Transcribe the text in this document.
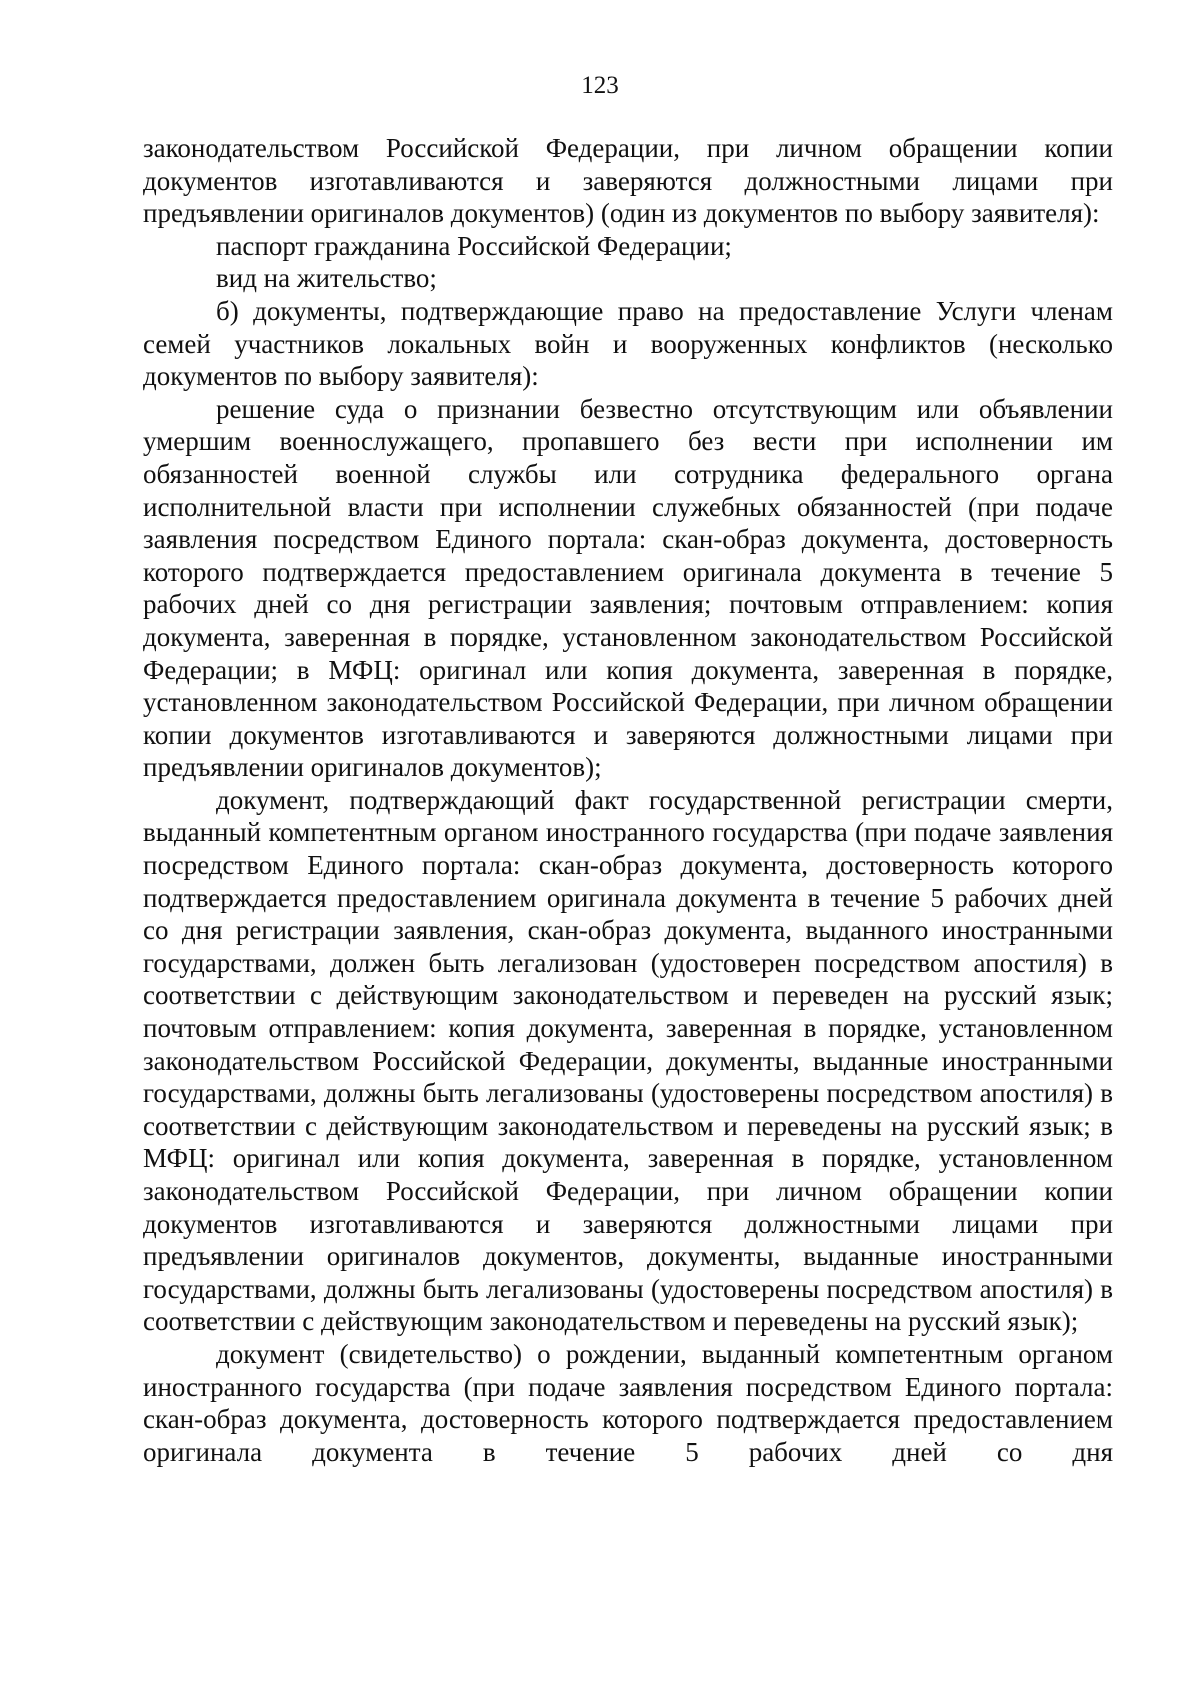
123

законодательством Российской Федерации, при личном обращении копии документов изготавливаются и заверяются должностными лицами при предъявлении оригиналов документов) (один из документов по выбору заявителя):

паспорт гражданина Российской Федерации;

вид на жительство;

б) документы, подтверждающие право на предоставление Услуги членам семей участников локальных войн и вооруженных конфликтов (несколько документов по выбору заявителя):

решение суда о признании безвестно отсутствующим или объявлении умершим военнослужащего, пропавшего без вести при исполнении им обязанностей военной службы или сотрудника федерального органа исполнительной власти при исполнении служебных обязанностей (при подаче заявления посредством Единого портала: скан-образ документа, достоверность которого подтверждается предоставлением оригинала документа в течение 5 рабочих дней со дня регистрации заявления; почтовым отправлением: копия документа, заверенная в порядке, установленном законодательством Российской Федерации; в МФЦ: оригинал или копия документа, заверенная в порядке, установленном законодательством Российской Федерации, при личном обращении копии документов изготавливаются и заверяются должностными лицами при предъявлении оригиналов документов);

документ, подтверждающий факт государственной регистрации смерти, выданный компетентным органом иностранного государства (при подаче заявления посредством Единого портала: скан-образ документа, достоверность которого подтверждается предоставлением оригинала документа в течение 5 рабочих дней со дня регистрации заявления, скан-образ документа, выданного иностранными государствами, должен быть легализован (удостоверен посредством апостиля) в соответствии с действующим законодательством и переведен на русский язык; почтовым отправлением: копия документа, заверенная в порядке, установленном законодательством Российской Федерации, документы, выданные иностранными государствами, должны быть легализованы (удостоверены посредством апостиля) в соответствии с действующим законодательством и переведены на русский язык; в МФЦ: оригинал или копия документа, заверенная в порядке, установленном законодательством Российской Федерации, при личном обращении копии документов изготавливаются и заверяются должностными лицами при предъявлении оригиналов документов, документы, выданные иностранными государствами, должны быть легализованы (удостоверены посредством апостиля) в соответствии с действующим законодательством и переведены на русский язык);

документ (свидетельство) о рождении, выданный компетентным органом иностранного государства (при подаче заявления посредством Единого портала: скан-образ документа, достоверность которого подтверждается предоставлением оригинала документа в течение 5 рабочих дней со дня
